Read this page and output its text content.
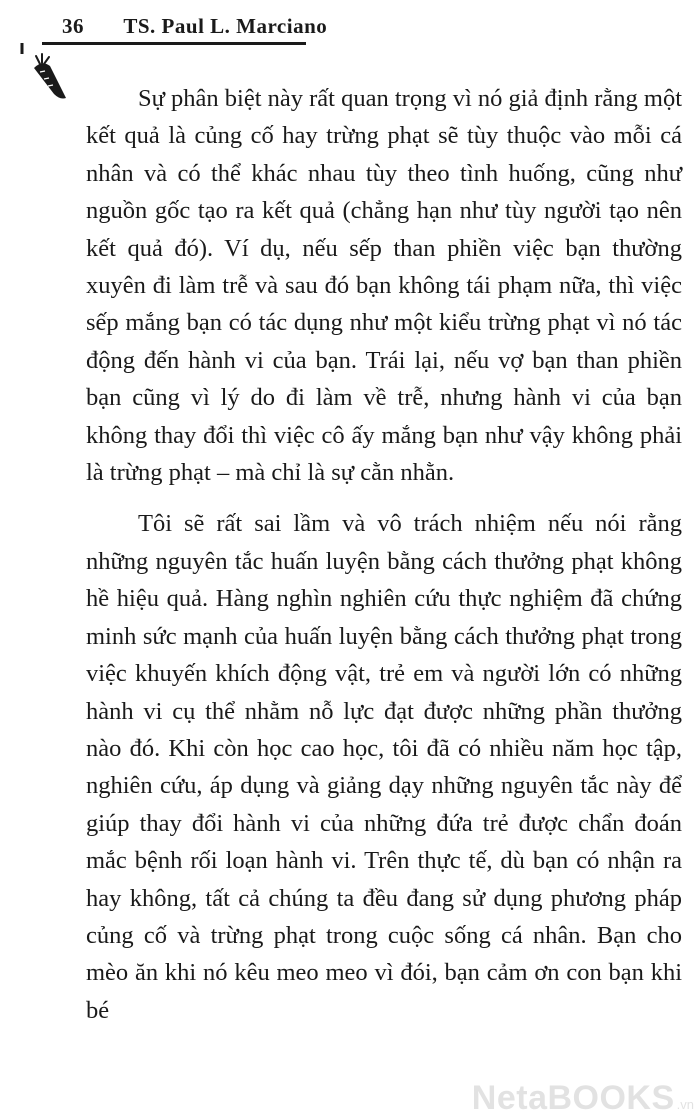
36 TS. Paul L. Marciano

Sự phân biệt này rất quan trọng vì nó giả định rằng một kết quả là củng cố hay trừng phạt sẽ tùy thuộc vào mỗi cá nhân và có thể khác nhau tùy theo tình huống, cũng như nguồn gốc tạo ra kết quả (chẳng hạn như tùy người tạo nên kết quả đó). Ví dụ, nếu sếp than phiền việc bạn thường xuyên đi làm trễ và sau đó bạn không tái phạm nữa, thì việc sếp mắng bạn có tác dụng như một kiểu trừng phạt vì nó tác động đến hành vi của bạn. Trái lại, nếu vợ bạn than phiền bạn cũng vì lý do đi làm về trễ, nhưng hành vi của bạn không thay đổi thì việc cô ấy mắng bạn như vậy không phải là trừng phạt – mà chỉ là sự cằn nhằn.

Tôi sẽ rất sai lầm và vô trách nhiệm nếu nói rằng những nguyên tắc huấn luyện bằng cách thưởng phạt không hề hiệu quả. Hàng nghìn nghiên cứu thực nghiệm đã chứng minh sức mạnh của huấn luyện bằng cách thưởng phạt trong việc khuyến khích động vật, trẻ em và người lớn có những hành vi cụ thể nhằm nỗ lực đạt được những phần thưởng nào đó. Khi còn học cao học, tôi đã có nhiều năm học tập, nghiên cứu, áp dụng và giảng dạy những nguyên tắc này để giúp thay đổi hành vi của những đứa trẻ được chẩn đoán mắc bệnh rối loạn hành vi. Trên thực tế, dù bạn có nhận ra hay không, tất cả chúng ta đều đang sử dụng phương pháp củng cố và trừng phạt trong cuộc sống cá nhân. Bạn cho mèo ăn khi nó kêu meo meo vì đói, bạn cảm ơn con bạn khi bé

NetaBOOKS .vn
